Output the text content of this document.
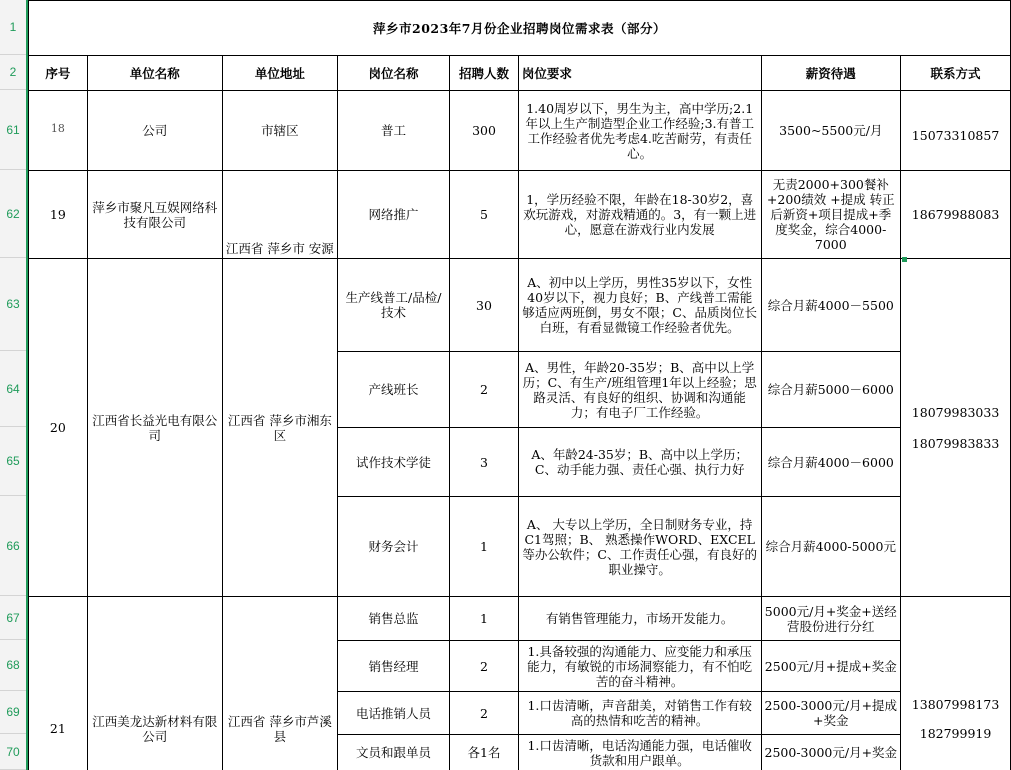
1
2
61
62
63
64
65
66
67
68
69
70
萍乡市2023年7月份企业招聘岗位需求表（部分）							
序号	单位名称	单位地址	岗位名称	招聘人数	岗位要求	薪资待遇	联系方式

18	公司	市辖区	普工	300	1.40周岁以下，男生为主，高中学历;2.1年以上生产制造型企业工作经验;3.有普工工作经验者优先考虑4.吃苦耐劳，有责任心。	3500~5500元/月	15073310857
19	萍乡市聚凡互娱网络科技有限公司	江西省 萍乡市 安源	网络推广	5	1，学历经验不限，年龄在18-30岁2，喜欢玩游戏，对游戏精通的。3，有一颗上进心，愿意在游戏行业内发展	无责2000+300餐补+200绩效 +提成 转正后新资+项目提成+季度奖金，综合4000-7000	18679988083
20	江西省长益光电有限公司	江西省 萍乡市湘东区	生产线普工/品检/技术	30	A、初中以上学历，男性35岁以下，女性40岁以下，视力良好；B、产线普工需能够适应两班倒，男女不限；C、品质岗位长白班，有看显微镜工作经验者优先。	综合月薪4000－5500	18079983033
18079983833

			产线班长	2	A、男性，年龄20-35岁；B、高中以上学历；C、有生产/班组管理1年以上经验；思路灵活、有良好的组织、协调和沟通能力；有电子厂工作经验。	综合月薪5000－6000	
			试作技术学徒	3	A、年龄24-35岁；B、高中以上学历；C、动手能力强、责任心强、执行力好	综合月薪4000－6000	
			财务会计	1	A、 大专以上学历，全日制财务专业，持C1驾照；B、 熟悉操作WORD、EXCEL等办公软件；C、工作责任心强，有良好的职业操守。	综合月薪4000-5000元	
21	江西美龙达新材料有限公司	江西省 萍乡市芦溪县	销售总监	1	有销售管理能力，市场开发能力。	5000元/月+奖金+送经营股份进行分红	13807998173
182799919

			销售经理	2	1.具备较强的沟通能力、应变能力和承压能力，有敏锐的市场洞察能力，有不怕吃苦的奋斗精神。	2500元/月+提成+奖金	
			电话推销人员	2	1.口齿清晰，声音甜美，对销售工作有较高的热情和吃苦的精神。	2500-3000元/月+提成+奖金	
			文员和跟单员	各1名	1.口齿清晰，电话沟通能力强，电话催收货款和用户跟单。	2500-3000元/月+奖金	
